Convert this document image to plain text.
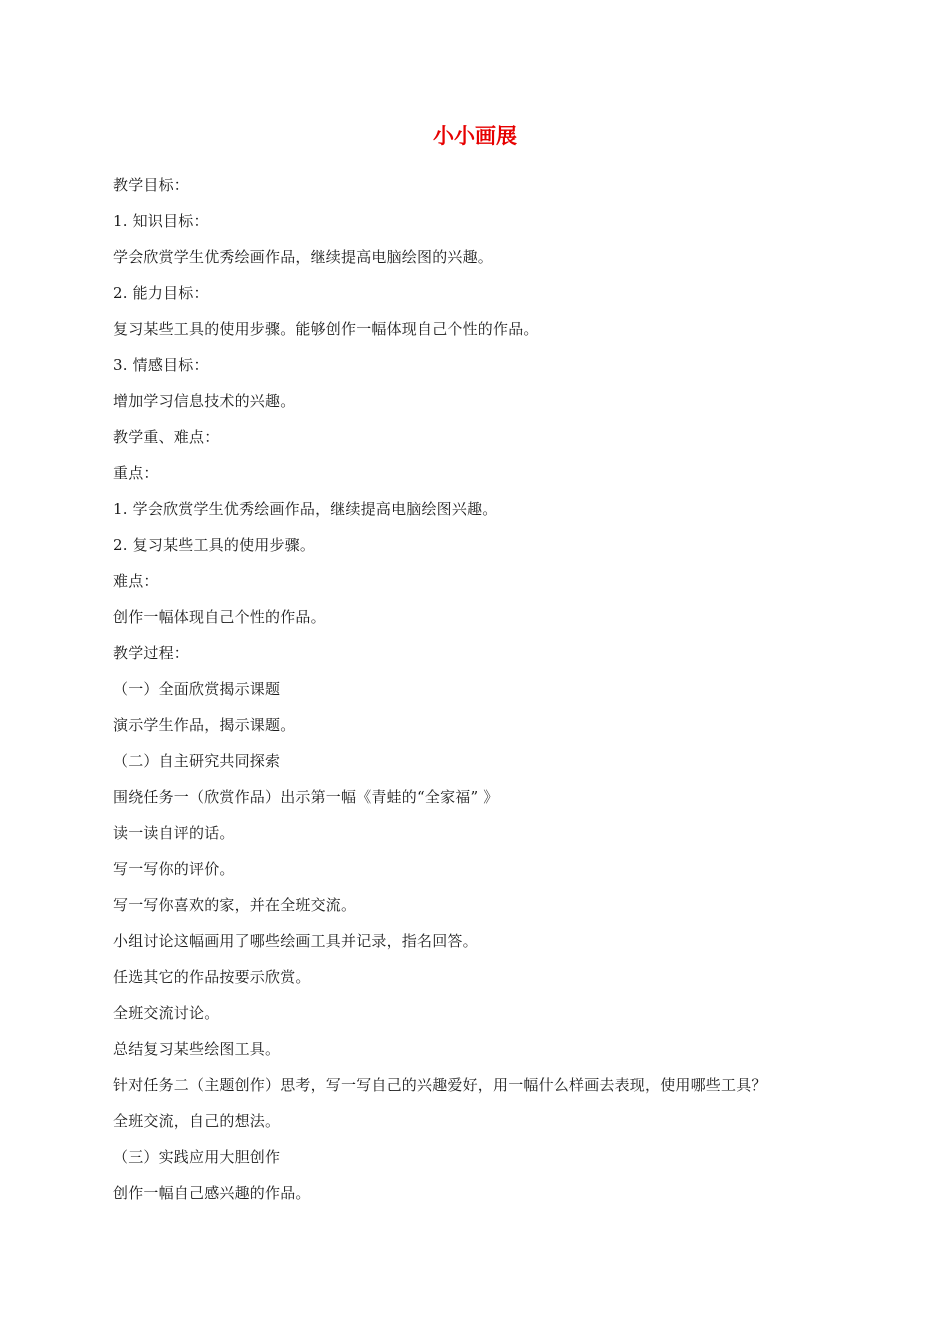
小小画展
教学目标：
1. 知识目标：
学会欣赏学生优秀绘画作品，继续提高电脑绘图的兴趣。
2. 能力目标：
复习某些工具的使用步骤。能够创作一幅体现自己个性的作品。
3. 情感目标：
增加学习信息技术的兴趣。
教学重、难点：
重点：
1. 学会欣赏学生优秀绘画作品，继续提高电脑绘图兴趣。
2. 复习某些工具的使用步骤。
难点：
创作一幅体现自己个性的作品。
教学过程：
（一）全面欣赏揭示课题
演示学生作品，揭示课题。
（二）自主研究共同探索
围绕任务一（欣赏作品）出示第一幅《青蛙的“全家福” 》
读一读自评的话。
写一写你的评价。
写一写你喜欢的家，并在全班交流。
小组讨论这幅画用了哪些绘画工具并记录，指名回答。
任选其它的作品按要示欣赏。
全班交流讨论。
总结复习某些绘图工具。
针对任务二（主题创作）思考，写一写自己的兴趣爱好，用一幅什么样画去表现，使用哪些工具？
全班交流，自己的想法。
（三）实践应用大胆创作
创作一幅自己感兴趣的作品。
